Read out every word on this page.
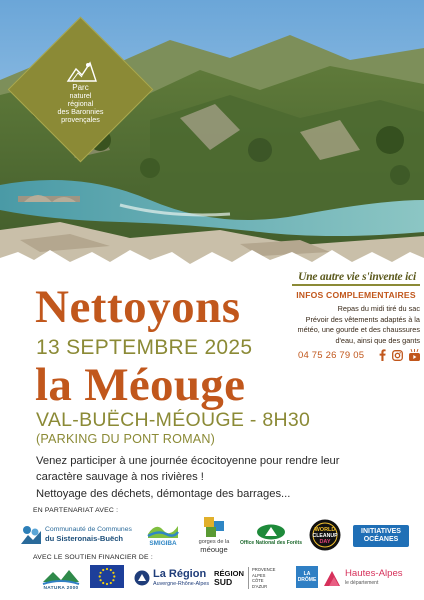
Parc
naturel
régional
des Baronnies
provençales
Une autre vie s'invente ici
INFOS COMPLEMENTAIRES
Repas du midi tiré du sac
Prévoir des vêtements adaptés à la
météo, une gourde et des chaussures
d'eau, ainsi que des gants
04 75 26 79 05
Nettoyons
13 SEPTEMBRE 2025
la Méouge
VAL-BUËCH-MÉOUGE - 8H30
(PARKING DU PONT ROMAN)
Venez participer à une journée écocitoyenne pour rendre leur
caractère sauvage à nos rivières !
Nettoyage des déchets, démontage des barrages...
EN PARTENARIAT AVEC :
Communauté de Communes
du Sisteronais-Buëch	SMIGIBA	gorges de la
méouge
Office National des Forêts
WORLD
CLEANUP
DAY
INITIATIVES
OCÉANES
AVEC LE SOUTIEN FINANCIER DE :
NATURA 2000
La Région
Auvergne-Rhône-Alpes
RÉGION
SUD
PROVENCE
ALPES
CÔTE D'AZUR
LA
DRÔME
Hautes-Alpes
le département
